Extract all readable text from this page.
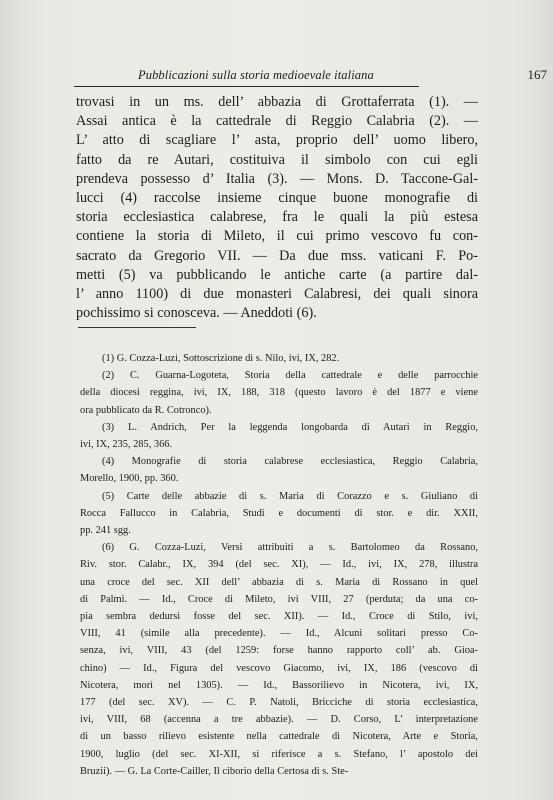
Pubblicazioni sulla storia medioevale italiana	167
trovasi in un ms. dell’ abbazia di Grottaferrata (1). —
Assai antica è la cattedrale di Reggio Calabria (2). —
L’ atto di scagliare l’ asta, proprio dell’ uomo libero,
fatto da re Autari, costituiva il simbolo con cui egli
prendeva possesso d’ Italia (3). — Mons. D. Taccone-Gal-
lucci (4) raccolse insieme cinque buone monografie di
storia ecclesiastica calabrese, fra le quali la più estesa
contiene la storia di Mileto, il cui primo vescovo fu con-
sacrato da Gregorio VII. — Da due mss. vaticani F. Po-
metti (5) va pubblicando le antiche carte (a partire dal-
l’ anno 1100) di due monasteri Calabresi, dei quali sinora
pochissimo si conosceva. — Aneddoti (6).
(1) G. Cozza-Luzi, Sottoscrizione di s. Nilo, ivi, IX, 282.
(2) C. Guarna-Logoteta, Storia della cattedrale e delle parrocchie
della diocesi reggina, ivi, IX, 188, 318 (questo lavoro è del 1877 e viene
ora pubblicato da R. Cotronco).
(3) L. Andrich, Per la leggenda longobarda di Autari in Reggio,
ivi, IX, 235, 285, 366.
(4) Monografie di storia calabrese ecclesiastica, Reggio Calabria,
Morello, 1900, pp. 360.
(5) Carte delle abbazie di s. Maria di Corazzo e s. Giuliano di
Rocca Fallucco in Calabria, Studi e documenti di stor. e dir. XXII,
pp. 241 sgg.
(6) G. Cozza-Luzi, Versi attribuiti a s. Bartolomeo da Rossano,
Riv. stor. Calabr., IX, 394 (del sec. XI), — Id., ivi, IX, 278, illustra
una croce del sec. XII dell’ abbazia di s. Maria di Rossano in quel
di Palmi. — Id., Croce di Mileto, ivi VIII, 27 (perduta; da una co-
pia sembra dedursi fosse del sec. XII). — Id., Croce di Stilo, ivi,
VIII, 41 (simile alla precedente). — Id., Alcuni solitari presso Co-
senza, ivi, VIII, 43 (del 1259: forse hanno rapporto coll’ ab. Gioa-
chino) — Id., Figura del vescovo Giacomo, ivi, IX, 186 (vescovo di
Nicotera, morì nel 1305). — Id., Bassorilievo in Nicotera, ivi, IX,
177 (del sec. XV). — C. P. Natoli, Bricciche di storia ecclesiastica,
ivi, VIII, 68 (accenna a tre abbazie). — D. Corso, L’ interpretazione
di un basso rilievo esistente nella cattedrale di Nicotera, Arte e Storia,
1900, luglio (del sec. XI-XII, si riferisce a s. Stefano, l’ apostolo dei
Bruzii). — G. La Corte-Cailler, Il ciborio della Certosa di s. Ste-
